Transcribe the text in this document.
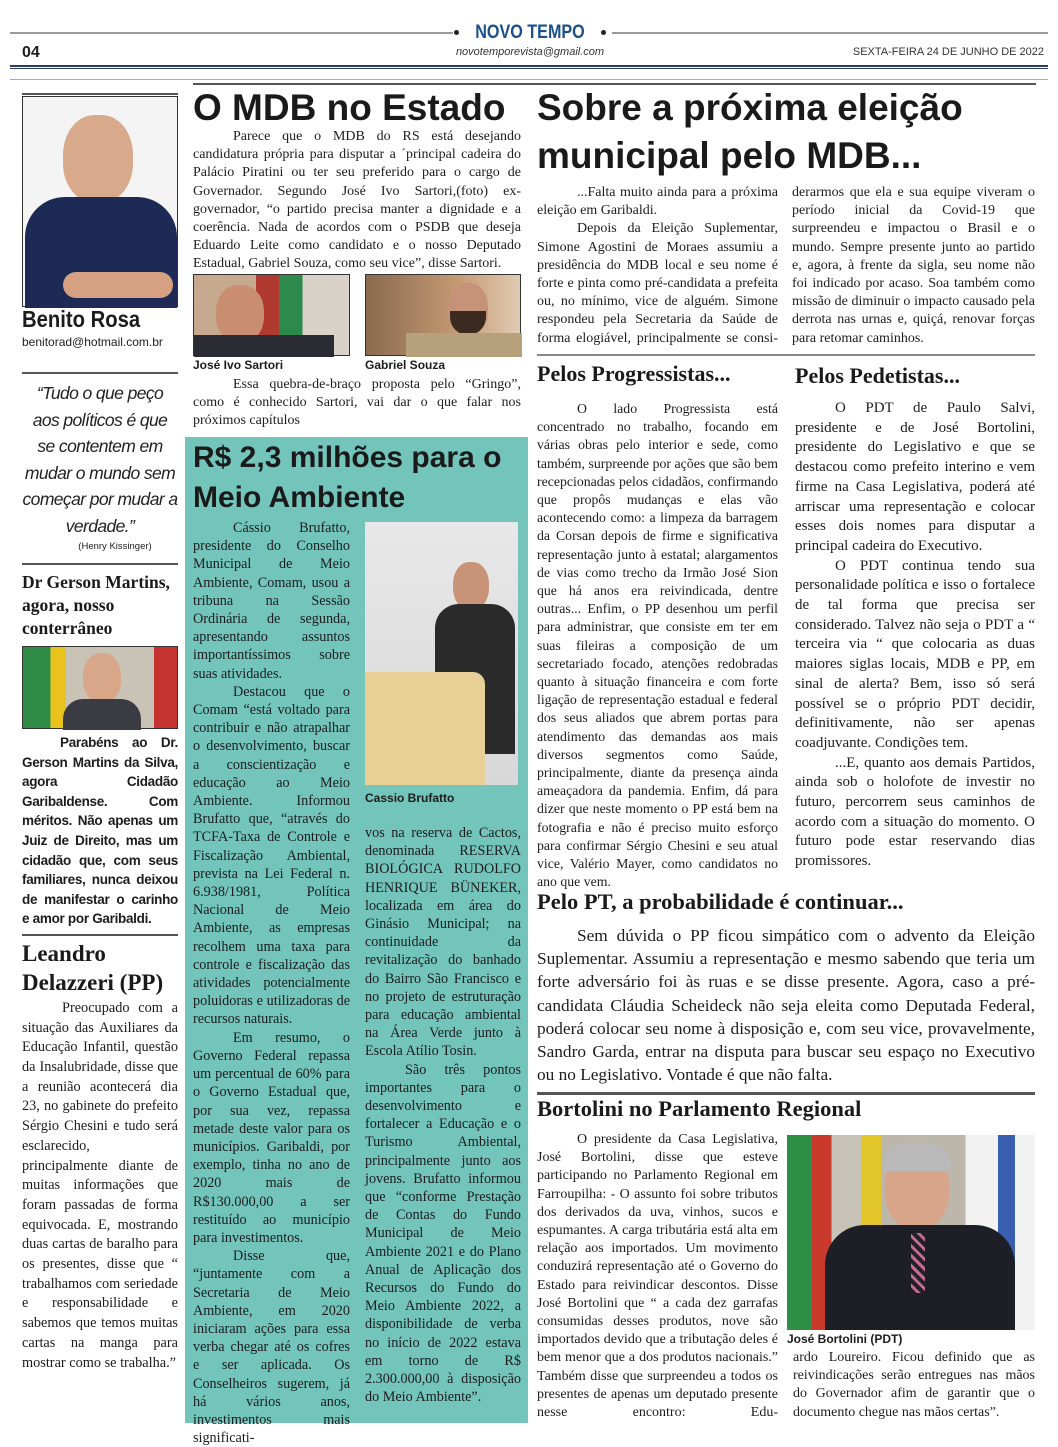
NOVO TEMPO
04	novotemporevista@gmail.com	SEXTA-FEIRA 24 DE JUNHO DE 2022
Benito Rosa
benitorad@hotmail.com.br
“Tudo o que peço aos políticos é que se contentem em mudar o mundo sem começar por mudar a verdade.”
(Henry Kissinger)
Dr Gerson Martins, agora, nosso conterrâneo
Parabéns ao Dr. Gerson Martins da Silva, agora Cidadão Garibaldense. Com méritos. Não apenas um Juiz de Direito, mas um cidadão que, com seus familiares, nunca deixou de manifestar o carinho e amor por Garibaldi.
Leandro Delazzeri (PP)

Preocupado com a situação das Auxiliares da Educação Infantil, questão da Insalubridade, disse que a reunião acontecerá dia 23, no gabinete do prefeito Sérgio Chesini e tudo será esclarecido, principalmente diante de muitas informações que foram passadas de forma equivocada. E, mostrando duas cartas de baralho para os presentes, disse que “ trabalhamos com seriedade e responsabilidade e sabemos que temos muitas cartas na manga para mostrar como se trabalha.”

O MDB no Estado

Parece que o MDB do RS está desejando candidatura própria para disputar a ´principal cadeira do Palácio Piratini ou ter seu preferido para o cargo de Governador. Segundo José Ivo Sartori,(foto) ex-governador, “o partido precisa manter a dignidade e a coerência. Nada de acordos com o PSDB que deseja Eduardo Leite como candidato e o nosso Deputado Estadual, Gabriel Souza, como seu vice”, disse Sartori.

José Ivo Sartori	Gabriel Souza

Essa quebra-de-braço proposta pelo “Gringo”, como é conhecido Sartori, vai dar o que falar nos próximos capítulos

R$ 2,3 milhões para o Meio Ambiente

Cássio Brufatto, presidente do Conselho Municipal de Meio Ambiente, Comam, usou a tribuna na Sessão Ordinária de segunda, apresentando assuntos importantíssimos sobre suas atividades.

Destacou que o Comam “está voltado para contribuir e não atrapalhar o desenvolvimento, buscar a conscientização e educação ao Meio Ambiente. Informou Brufatto que, “através do TCFA-Taxa de Controle e Fiscalização Ambiental, prevista na Lei Federal n. 6.938/1981, Política Nacional de Meio Ambiente, as empresas recolhem uma taxa para controle e fiscalização das atividades potencialmente poluidoras e utilizadoras de recursos naturais.

Em resumo, o Governo Federal repassa um percentual de 60% para o Governo Estadual que, por sua vez, repassa metade deste valor para os municípios. Garibaldi, por exemplo, tinha no ano de 2020 mais de R$130.000,00 a ser restituído ao município para investimentos.

Disse que, “juntamente com a Secretaria de Meio Ambiente, em 2020 iniciaram ações para essa verba chegar até os cofres e ser aplicada. Os Conselheiros sugerem, já há vários anos, investimentos mais significati-

Cassio Brufatto

vos na reserva de Cactos, denominada RESERVA BIOLÓGICA RUDOLFO HENRIQUE BÜNEKER, localizada em área do Ginásio Municipal; na continuidade da revitalização do banhado do Bairro São Francisco e no projeto de estruturação para educação ambiental na Área Verde junto à Escola Atílio Tosin.

São três pontos importantes para o desenvolvimento e fortalecer a Educação e o Turismo Ambiental, principalmente junto aos jovens. Brufatto informou que “conforme Prestação de Contas do Fundo Municipal de Meio Ambiente 2021 e do Plano Anual de Aplicação dos Recursos do Fundo do Meio Ambiente 2022, a disponibilidade de verba no início de 2022 estava em torno de R$ 2.300.000,00 à disposição do Meio Ambiente”.

Sobre a próxima eleição municipal pelo MDB...

...Falta muito ainda para a próxima eleição em Garibaldi.

Depois da Eleição Suplementar, Simone Agostini de Moraes assumiu a presidência do MDB local e seu nome é forte e pinta como pré-candidata a prefeita ou, no mínimo, vice de alguém. Simone respondeu pela Secretaria da Saúde de forma elogiável, principalmente se consi-

derarmos que ela e sua equipe viveram o período inicial da Covid-19 que surpreendeu e impactou o Brasil e o mundo. Sempre presente junto ao partido e, agora, à frente da sigla, seu nome não foi indicado por acaso. Soa também como missão de diminuir o impacto causado pela derrota nas urnas e, quiçá, renovar forças para retomar caminhos.

Pelos Progressistas...

O lado Progressista está concentrado no trabalho, focando em várias obras pelo interior e sede, como também, surpreende por ações que são bem recepcionadas pelos cidadãos, confirmando que propôs mudanças e elas vão acontecendo como: a limpeza da barragem da Corsan depois de firme e significativa representação junto à estatal; alargamentos de vias como trecho da Irmão José Sion que há anos era reivindicada, dentre outras... Enfim, o PP desenhou um perfil para administrar, que consiste em ter em suas fileiras a composição de um secretariado focado, atenções redobradas quanto à situação financeira e com forte ligação de representação estadual e federal dos seus aliados que abrem portas para atendimento das demandas aos mais diversos segmentos como Saúde, principalmente, diante da presença ainda ameaçadora da pandemia. Enfim, dá para dizer que neste momento o PP está bem na fotografia e não é preciso muito esforço para confirmar Sérgio Chesini e seu atual vice, Valério Mayer, como candidatos no ano que vem.

Pelos Pedetistas...

O PDT de Paulo Salvi, presidente e de José Bortolini, presidente do Legislativo e que se destacou como prefeito interino e vem firme na Casa Legislativa, poderá até arriscar uma representação e colocar esses dois nomes para disputar a principal cadeira do Executivo.

O PDT continua tendo sua personalidade política e isso o fortalece de tal forma que precisa ser considerado. Talvez não seja o PDT a “ terceira via “ que colocaria as duas maiores siglas locais, MDB e PP, em sinal de alerta? Bem, isso só será possível se o próprio PDT decidir, definitivamente, não ser apenas coadjuvante. Condições tem.

...E, quanto aos demais Partidos, ainda sob o holofote de investir no futuro, percorrem seus caminhos de acordo com a situação do momento. O futuro pode estar reservando dias promissores.

Pelo PT, a probabilidade é continuar...

Sem dúvida o PP ficou simpático com o advento da Eleição Suplementar. Assumiu a representação e mesmo sabendo que teria um forte adversário foi às ruas e se disse presente. Agora, caso a pré-candidata Cláudia Scheideck não seja eleita como Deputada Federal, poderá colocar seu nome à disposição e, com seu vice, provavelmente, Sandro Garda, entrar na disputa para buscar seu espaço no Executivo ou no Legislativo. Vontade é que não falta.

Bortolini no Parlamento Regional

O presidente da Casa Legislativa, José Bortolini, disse que esteve participando no Parlamento Regional em Farroupilha: - O assunto foi sobre tributos dos derivados da uva, vinhos, sucos e espumantes. A carga tributária está alta em relação aos importados. Um movimento conduzirá representação até o Governo do Estado para reivindicar descontos. Disse José Bortolini que “ a cada dez garrafas consumidas desses produtos, nove são importados devido que a tributação deles é bem menor que a dos produtos nacionais.” Também disse que surpreendeu a todos os presentes de apenas um deputado presente nesse encontro: Edu-

José Bortolini (PDT)

ardo Loureiro. Ficou definido que as reivindicações serão entregues nas mãos do Governador afim de garantir que o documento chegue nas mãos certas”.
